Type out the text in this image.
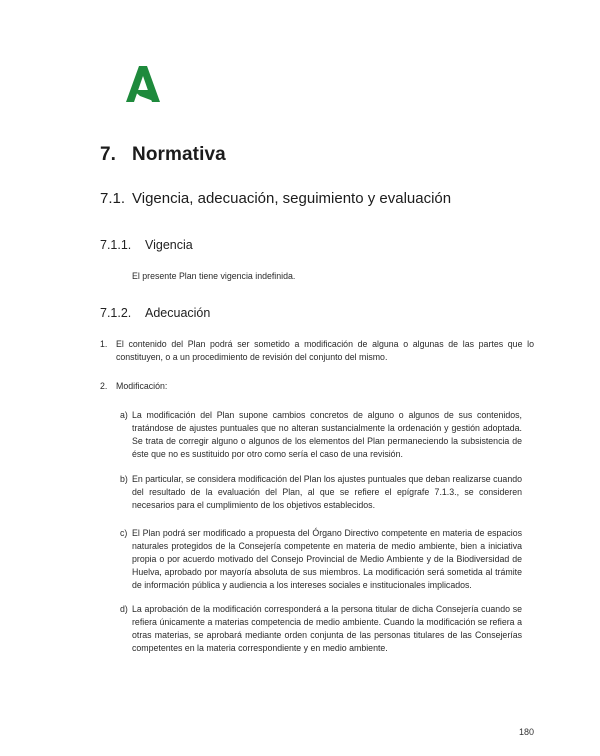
7. Normativa
7.1. Vigencia, adecuación, seguimiento y evaluación
7.1.1. Vigencia

El presente Plan tiene vigencia indefinida.

7.1.2. Adecuación
1. El contenido del Plan podrá ser sometido a modificación de alguna o algunas de las partes que lo constituyen, o a un procedimiento de revisión del conjunto del mismo.

2. Modificación:

a) La modificación del Plan supone cambios concretos de alguno o algunos de sus contenidos, tratándose de ajustes puntuales que no alteran sustancialmente la ordenación y gestión adoptada. Se trata de corregir alguno o algunos de los elementos del Plan permaneciendo la subsistencia de éste que no es sustituido por otro como sería el caso de una revisión.

b) En particular, se considera modificación del Plan los ajustes puntuales que deban realizarse cuando del resultado de la evaluación del Plan, al que se refiere el epígrafe 7.1.3., se consideren necesarios para el cumplimiento de los objetivos establecidos.

c) El Plan podrá ser modificado a propuesta del Órgano Directivo competente en materia de espacios naturales protegidos de la Consejería competente en materia de medio ambiente, bien a iniciativa propia o por acuerdo motivado del Consejo Provincial de Medio Ambiente y de la Biodiversidad de Huelva, aprobado por mayoría absoluta de sus miembros. La modificación será sometida al trámite de información pública y audiencia a los intereses sociales e institucionales implicados.

d) La aprobación de la modificación corresponderá a la persona titular de dicha Consejería cuando se refiera únicamente a materias competencia de medio ambiente. Cuando la modificación se refiera a otras materias, se aprobará mediante orden conjunta de las personas titulares de las Consejerías competentes en la materia correspondiente y en medio ambiente.

180
